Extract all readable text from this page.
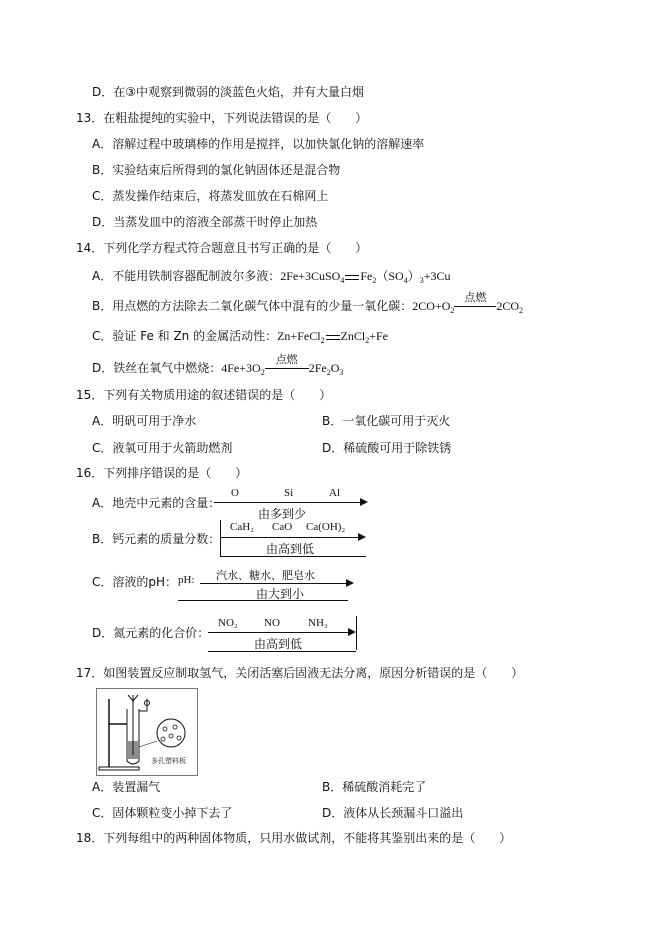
D．在③中观察到微弱的淡蓝色火焰，并有大量白烟
13．在粗盐提纯的实验中，下列说法错误的是（　　）
A．溶解过程中玻璃棒的作用是搅拌，以加快氯化钠的溶解速率
B．实验结束后所得到的氯化钠固体还是混合物
C．蒸发操作结束后，将蒸发皿放在石棉网上
D．当蒸发皿中的溶液全部蒸干时停止加热
14．下列化学方程式符合题意且书写正确的是（　　）
A．不能用铁制容器配制波尔多液：2Fe+3CuSO$_4$ $Fe_2(SO_4)_3+3Cu$
B．用点燃的方法除去二氧化碳气体中混有的少量一氧化碳：$2CO+O_2$
点燃
$2CO_2$
C．验证 Fe 和 Zn 的金属活动性：Zn+FeCl$_2$ ZnCl$_2$+Fe
D．铁丝在氧气中燃烧：$4Fe+3O_2$
点燃
$2Fe_2O_3$
15．下列有关物质用途的叙述错误的是（　　）
A．明矾可用于净水	B．一氧化碳可用于灭火
C．液氧可用于火箭助燃剂	D．稀硫酸可用于除铁锈
16．下列排序错误的是（　　）
A．地壳中元素的含量：
O	Si	Al
由多到少
B．钙元素的质量分数：
CaH₂ CaO Ca(OH)₂
由高到低
C．溶液的pH： pH: 汽水、糖水、肥皂水
由大到小
D．氮元素的化合价：
NO₂ NO	NH₃
由高到低
17．如图装置反应制取氢气，关闭活塞后固液无法分离，原因分析错误的是（　　）
多孔塑料板
A．装置漏气	B．稀硫酸消耗完了
C．固体颗粒变小掉下去了	D．液体从长颈漏斗口溢出
18．下列每组中的两种固体物质，只用水做试剂，不能将其鉴别出来的是（　　）
